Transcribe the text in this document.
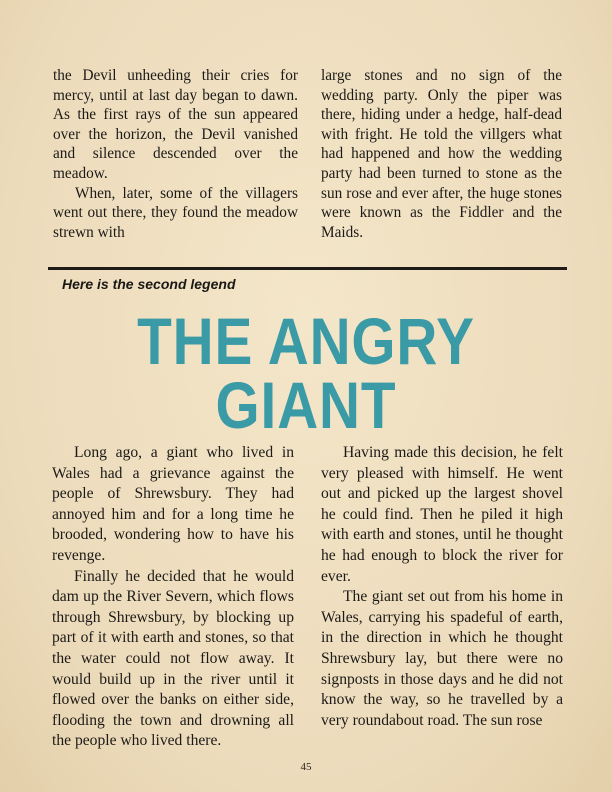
the Devil unheeding their cries for mercy, until at last day began to dawn. As the first rays of the sun appeared over the horizon, the Devil vanished and silence descended over the meadow.

When, later, some of the villagers went out there, they found the meadow strewn with

large stones and no sign of the wedding party. Only the piper was there, hiding under a hedge, half-dead with fright. He told the villgers what had happened and how the wedding party had been turned to stone as the sun rose and ever after, the huge stones were known as the Fiddler and the Maids.

Here is the second legend
THE ANGRY
GIANT

Long ago, a giant who lived in Wales had a grievance against the people of Shrewsbury. They had annoyed him and for a long time he brooded, wondering how to have his revenge.

Finally he decided that he would dam up the River Severn, which flows through Shrewsbury, by blocking up part of it with earth and stones, so that the water could not flow away. It would build up in the river until it flowed over the banks on either side, flooding the town and drowning all the people who lived there.

Having made this decision, he felt very pleased with himself. He went out and picked up the largest shovel he could find. Then he piled it high with earth and stones, until he thought he had enough to block the river for ever.

The giant set out from his home in Wales, carrying his spadeful of earth, in the direction in which he thought Shrewsbury lay, but there were no signposts in those days and he did not know the way, so he travelled by a very roundabout road. The sun rose

45
